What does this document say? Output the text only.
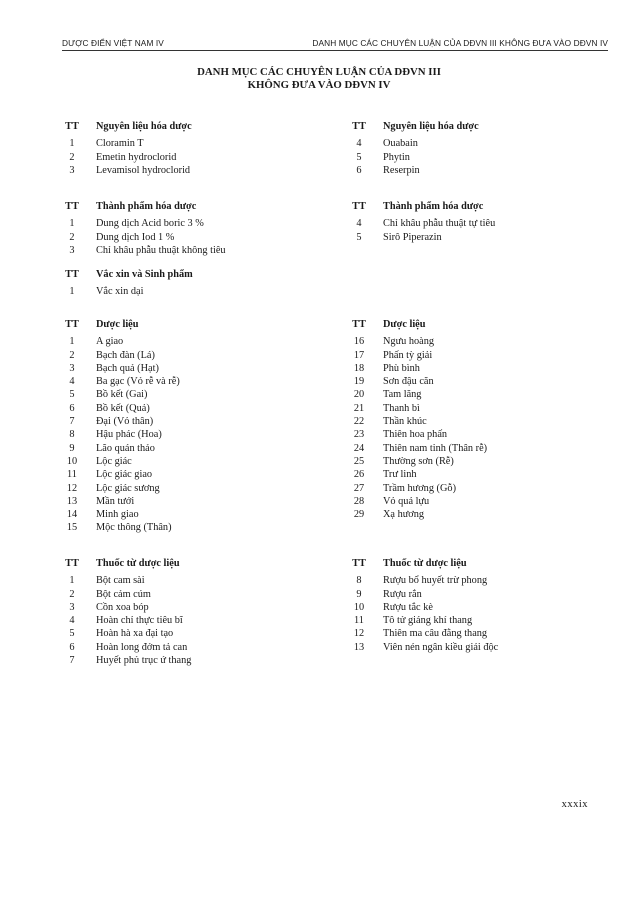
DƯỢC ĐIỂN VIỆT NAM IV	DANH MỤC CÁC CHUYÊN LUẬN CỦA DĐVN III KHÔNG ĐƯA VÀO DĐVN IV
DANH MỤC CÁC CHUYÊN LUẬN CỦA DĐVN III
KHÔNG ĐƯA VÀO DĐVN IV
TT	Nguyên liệu hóa dược
1	Cloramin T
2	Emetin hydroclorid
3	Levamisol hydroclorid
TT	Nguyên liệu hóa dược
4	Ouabain
5	Phytin
6	Reserpin
TT	Thành phẩm hóa dược
1	Dung dịch Acid boric 3 %
2	Dung dịch Iod 1 %
3	Chỉ khâu phẫu thuật không tiêu
TT	Thành phẩm hóa dược
4	Chỉ khâu phẫu thuật tự tiêu
5	Sirô Piperazin
TT	Vắc xin và Sinh phẩm
1	Vắc xin dại
TT	Dược liệu
1	A giao
2	Bạch đàn (Lá)
3	Bạch quả (Hạt)
4	Ba gạc (Vỏ rễ và rễ)
5	Bồ kết (Gai)
6	Bồ kết (Quả)
7	Đại (Vỏ thân)
8	Hậu phác (Hoa)
9	Lão quán thảo
10	Lộc giác
11	Lộc giác giao
12	Lộc giác sương
13	Mần tưới
14	Minh giao
15	Mộc thông (Thân)
TT	Dược liệu
16	Ngưu hoàng
17	Phấn tỳ giải
18	Phù bình
19	Sơn đậu căn
20	Tam lăng
21	Thanh bì
22	Thần khúc
23	Thiên hoa phấn
24	Thiên nam tinh (Thân rễ)
25	Thường sơn (Rễ)
26	Trư linh
27	Trầm hương (Gỗ)
28	Vỏ quả lựu
29	Xạ hương
TT	Thuốc từ dược liệu
1	Bột cam sài
2	Bột cảm cúm
3	Cồn xoa bóp
4	Hoàn chỉ thực tiêu bĩ
5	Hoàn hà xa đại tạo
6	Hoàn long đởm tả can
7	Huyết phủ trục ứ thang
TT	Thuốc từ dược liệu
8	Rượu bổ huyết trừ phong
9	Rượu rắn
10	Rượu tắc kè
11	Tô tử giáng khí thang
12	Thiên ma câu đằng thang
13	Viên nén ngân kiều giải độc
xxxix
